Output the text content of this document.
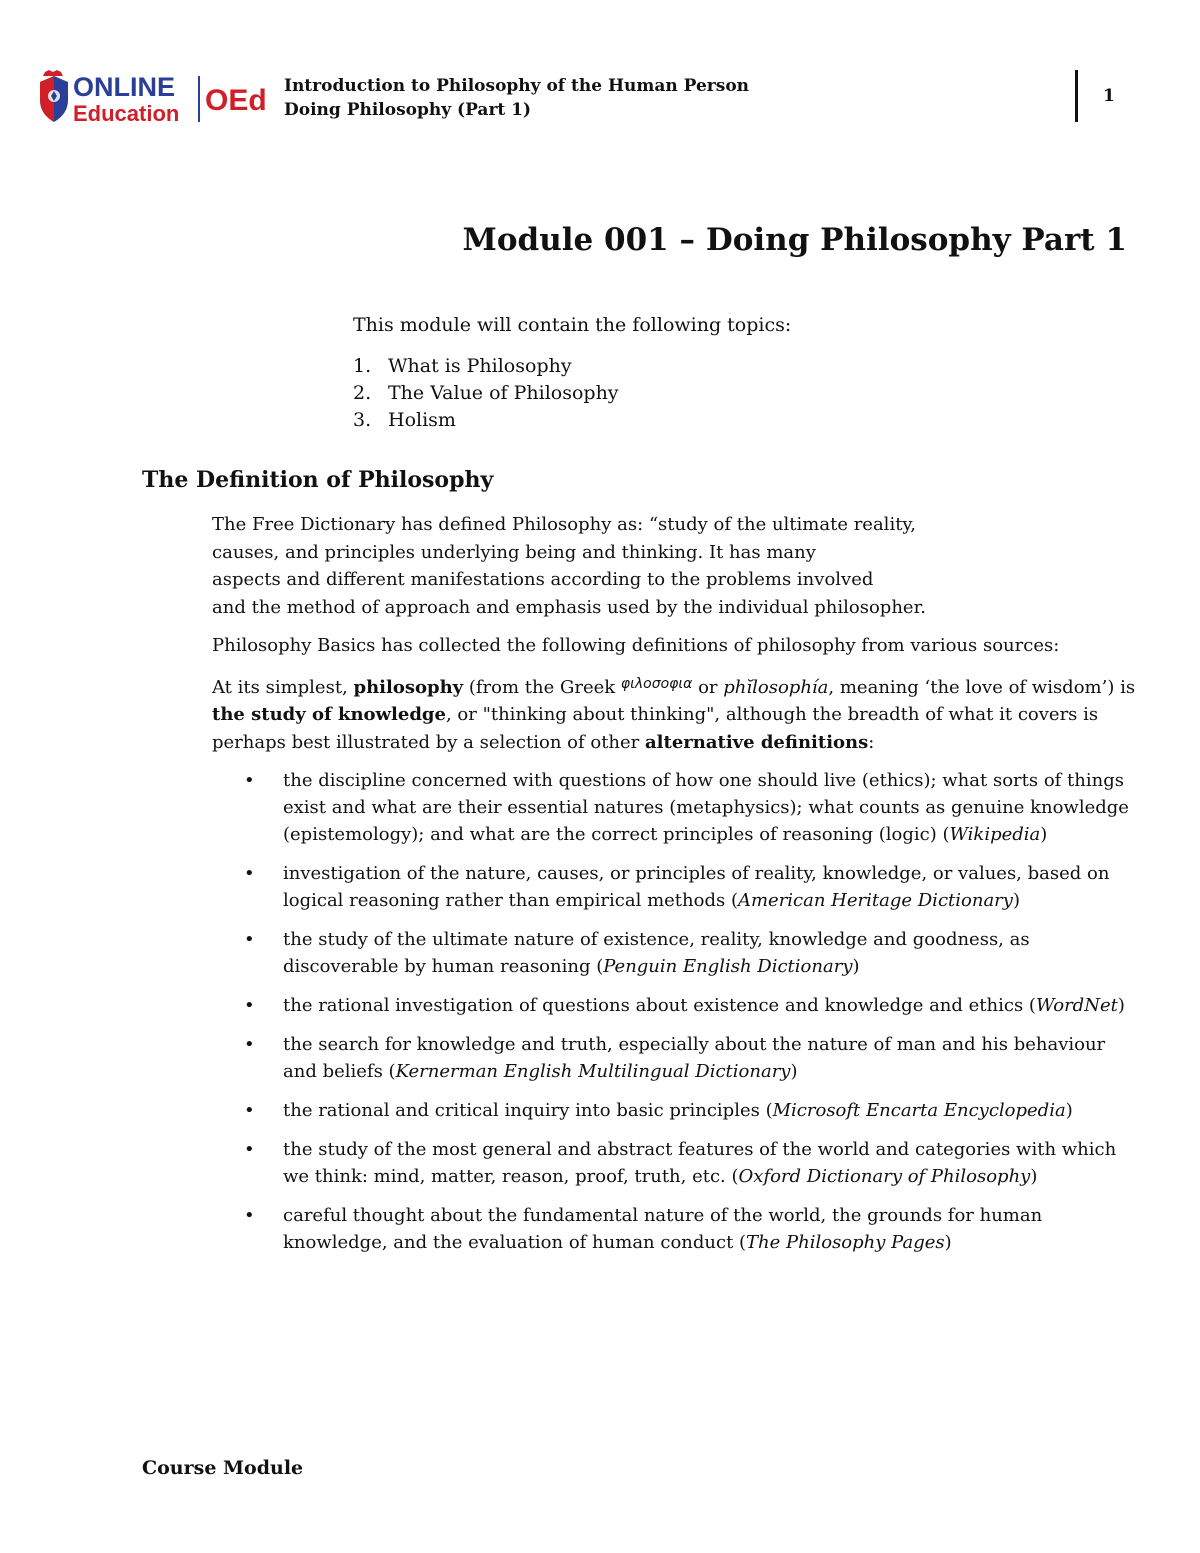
ONLINE
Education OEd Introduction to Philosophy of the Human Person
Doing Philosophy (Part 1)
1
Module 001 – Doing Philosophy Part 1

This module will contain the following topics:

1. What is Philosophy
2. The Value of Philosophy
3. Holism
The Definition of Philosophy

The Free Dictionary has defined Philosophy as: “study of the ultimate reality,
causes, and principles underlying being and thinking. It has many
aspects and different manifestations according to the problems involved
and the method of approach and emphasis used by the individual philosopher.

Philosophy Basics has collected the following definitions of philosophy from various sources:

At its simplest, philosophy (from the Greek $^{\varphi\iota\lambda o\sigma o\varphi\iota\alpha}$ or phĭlosophía, meaning ‘the love of wisdom’) is the study of knowledge, or "thinking about thinking", although the breadth of what it covers is perhaps best illustrated by a selection of other alternative definitions:

• the discipline concerned with questions of how one should live (ethics); what sorts of things exist and what are their essential natures (metaphysics); what counts as genuine knowledge (epistemology); and what are the correct principles of reasoning (logic) (Wikipedia)
• investigation of the nature, causes, or principles of reality, knowledge, or values, based on logical reasoning rather than empirical methods (American Heritage Dictionary)
• the study of the ultimate nature of existence, reality, knowledge and goodness, as discoverable by human reasoning (Penguin English Dictionary)
• the rational investigation of questions about existence and knowledge and ethics (WordNet)
• the search for knowledge and truth, especially about the nature of man and his behaviour and beliefs (Kernerman English Multilingual Dictionary)
• the rational and critical inquiry into basic principles (Microsoft Encarta Encyclopedia)
• the study of the most general and abstract features of the world and categories with which we think: mind, matter, reason, proof, truth, etc. (Oxford Dictionary of Philosophy)
• careful thought about the fundamental nature of the world, the grounds for human knowledge, and the evaluation of human conduct (The Philosophy Pages)

Course Module
